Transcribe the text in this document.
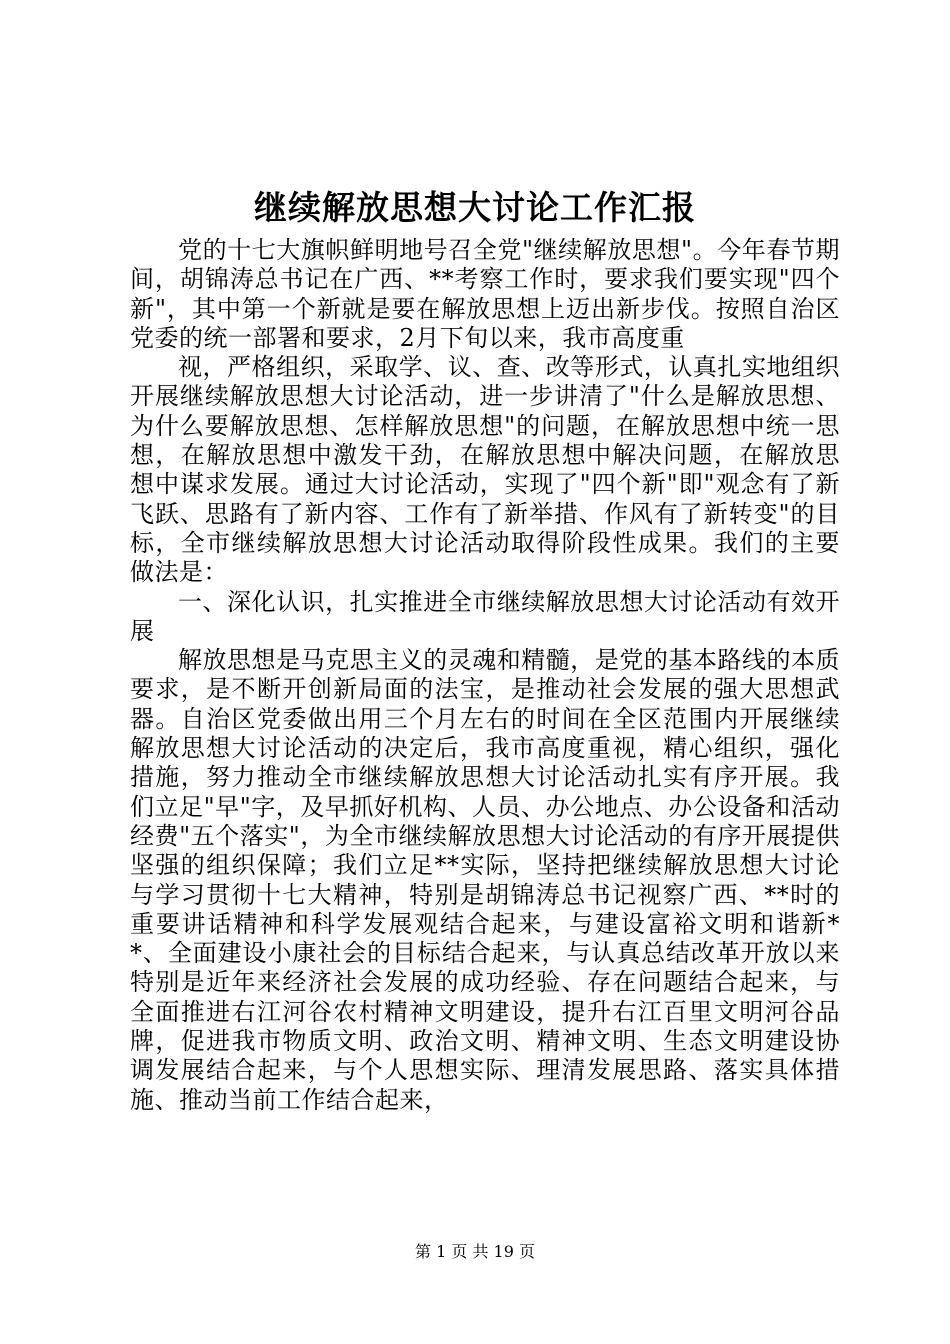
继续解放思想大讨论工作汇报

党的十七大旗帜鲜明地号召全党"继续解放思想"。今年春节期间，胡锦涛总书记在广西、**考察工作时，要求我们要实现"四个新"，其中第一个新就是要在解放思想上迈出新步伐。按照自治区党委的统一部署和要求，2月下旬以来，我市高度重

视，严格组织，采取学、议、查、改等形式，认真扎实地组织开展继续解放思想大讨论活动，进一步讲清了"什么是解放思想、为什么要解放思想、怎样解放思想"的问题，在解放思想中统一思想，在解放思想中激发干劲，在解放思想中解决问题，在解放思想中谋求发展。通过大讨论活动，实现了"四个新"即"观念有了新飞跃、思路有了新内容、工作有了新举措、作风有了新转变"的目标，全市继续解放思想大讨论活动取得阶段性成果。我们的主要做法是：

一、深化认识，扎实推进全市继续解放思想大讨论活动有效开展

解放思想是马克思主义的灵魂和精髓，是党的基本路线的本质要求，是不断开创新局面的法宝，是推动社会发展的强大思想武器。自治区党委做出用三个月左右的时间在全区范围内开展继续解放思想大讨论活动的决定后，我市高度重视，精心组织，强化措施，努力推动全市继续解放思想大讨论活动扎实有序开展。我们立足"早"字，及早抓好机构、人员、办公地点、办公设备和活动经费"五个落实"，为全市继续解放思想大讨论活动的有序开展提供坚强的组织保障；我们立足**实际，坚持把继续解放思想大讨论与学习贯彻十七大精神，特别是胡锦涛总书记视察广西、**时的重要讲话精神和科学发展观结合起来，与建设富裕文明和谐新**、全面建设小康社会的目标结合起来，与认真总结改革开放以来特别是近年来经济社会发展的成功经验、存在问题结合起来，与全面推进右江河谷农村精神文明建设，提升右江百里文明河谷品牌，促进我市物质文明、政治文明、精神文明、生态文明建设协调发展结合起来，与个人思想实际、理清发展思路、落实具体措施、推动当前工作结合起来，

第 1 页 共 19 页
